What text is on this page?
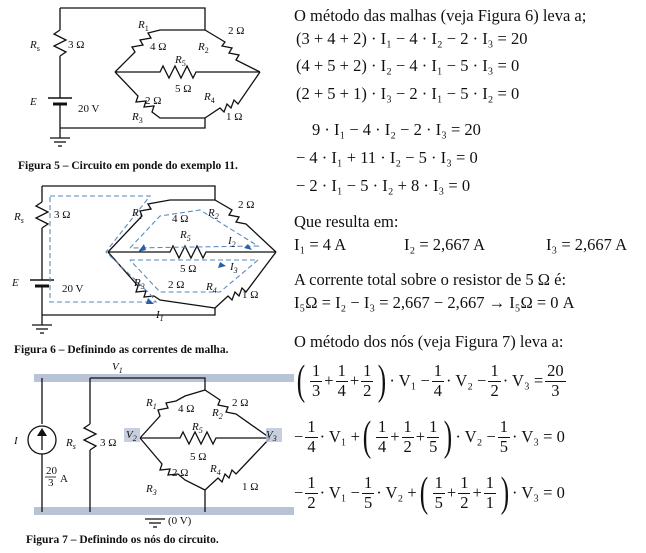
$R_s$	3 Ω
E
20 V
$R_1$
4 Ω	$R_2$
2 Ω
$R_5$
5 Ω
2 Ω
$R_3$
$R_4$
1 Ω
Figura 5 – Circuito em ponde do exemplo 11.
$R_s$	3 Ω
E	20 V
$R_1$	4 Ω $R_2$
2 Ω
$R_5$
5 Ω
2 Ω
$R_3$	$R_4$ 1 Ω
$I_2$
$I_3$
$I_1$
Figura 6 – Definindo as correntes de malha.
$V_1$
$V_2$	$V_3$
I
20
3 A
$R_s$ 3 Ω
$R_1$ 4 Ω $R_2$
2 Ω
$R_5$
5 Ω
2 Ω
$R_3$
$R_4$
1 Ω
(0 V)
Figura 7 – Definindo os nós do circuito.
O método das malhas (veja Figura 6) leva a;
(3 + 4 + 2) · I₁ − 4 · I₂ − 2 · I₃ = 20
(4 + 5 + 2) · I₂ − 4 · I₁ − 5 · I₃ = 0
(2 + 5 + 1) · I₃ − 2 · I₁ − 5 · I₂ = 0
9 · I₁ − 4 · I₂ − 2 · I₃ = 20
− 4 · I₁ + 11 · I₂ − 5 · I₃ = 0
− 2 · I₁ − 5 · I₂ + 8 · I₃ = 0
Que resulta em:
I₁ = 4 A	I₂ = 2,667 A	I₃ = 2,667 A
A corrente total sobre o resistor de 5 Ω é:
I₅Ω = I₂ − I₃ = 2,667 − 2,667 → I₅Ω = 0 A
O método dos nós (veja Figura 7) leva a:
( $\frac{1}{3} + \frac{1}{4} + \frac{1}{2}$ ) · $V_1 - \frac{1}{4} \cdot V_2 - \frac{1}{2} \cdot V_3 = \frac{20}{3}$
− $\frac{1}{4} \cdot V_1$ + ( $\frac{1}{4} + \frac{1}{2} + \frac{1}{5}$ ) · $V_2 - \frac{1}{5} \cdot V_3 = 0$
− $\frac{1}{2} \cdot V_1 - \frac{1}{5} \cdot V_2$ + ( $\frac{1}{5} + \frac{1}{2} + \frac{1}{1}$ ) · V₃ = 0
